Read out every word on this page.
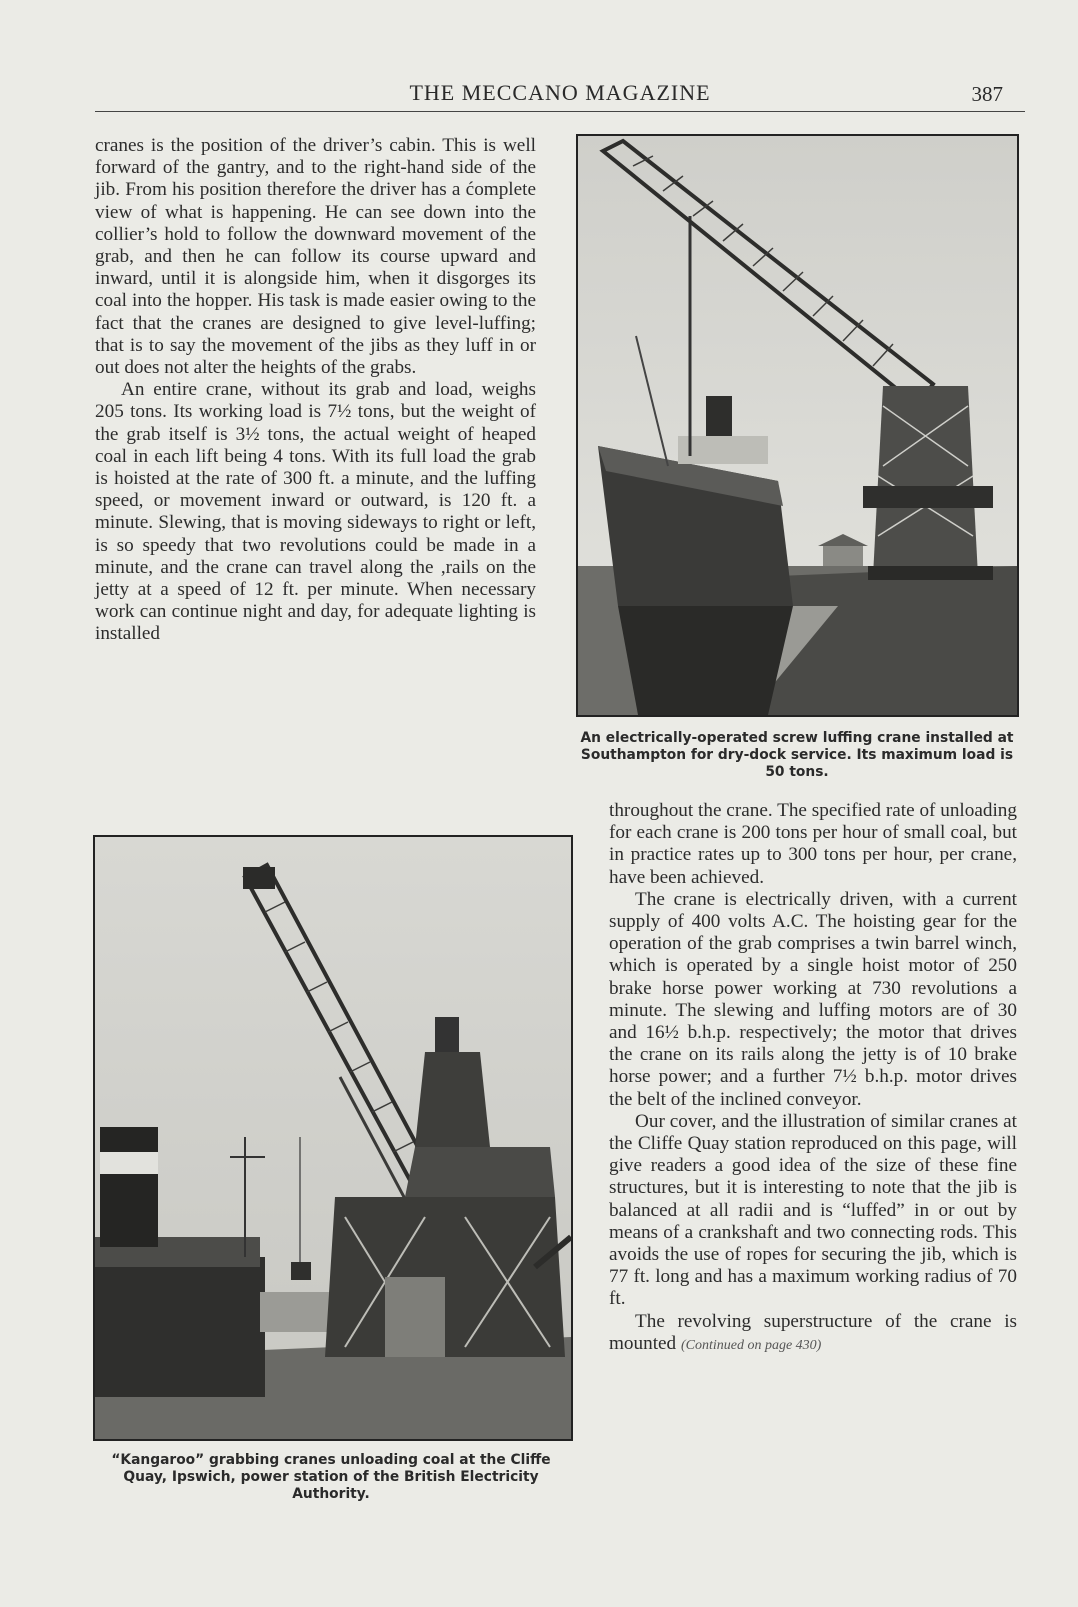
THE MECCANO MAGAZINE	387

cranes is the position of the driver’s cabin. This is well forward of the gantry, and to the right-hand side of the jib. From his position therefore the driver has a ćomplete view of what is happening. He can see down into the collier’s hold to follow the downward movement of the grab, and then he can follow its course upward and inward, until it is alongside him, when it disgorges its coal into the hopper. His task is made easier owing to the fact that the cranes are designed to give level-luffing; that is to say the movement of the jibs as they luff in or out does not alter the heights of the grabs.

An entire crane, without its grab and load, weighs 205 tons. Its working load is 7½ tons, but the weight of the grab itself is 3½ tons, the actual weight of heaped coal in each lift being 4 tons. With its full load the grab is hoisted at the rate of 300 ft. a minute, and the luffing speed, or movement inward or outward, is 120 ft. a minute. Slewing, that is moving sideways to right or left, is so speedy that two revolutions could be made in a minute, and the crane can travel along the ,rails on the jetty at a speed of 12 ft. per minute. When necessary work can continue night and day, for adequate lighting is installed

An electrically-operated screw luffing crane installed at Southampton for dry-dock service. Its maximum load is 50 tons.
“Kangaroo” grabbing cranes unloading coal at the Cliffe Quay, Ipswich, power station of the British Electricity Authority.

throughout the crane. The specified rate of unloading for each crane is 200 tons per hour of small coal, but in practice rates up to 300 tons per hour, per crane, have been achieved.

The crane is electrically driven, with a current supply of 400 volts A.C. The hoisting gear for the operation of the grab comprises a twin barrel winch, which is operated by a single hoist motor of 250 brake horse power working at 730 revolutions a minute. The slewing and luffing motors are of 30 and 16½ b.h.p. respectively; the motor that drives the crane on its rails along the jetty is of 10 brake horse power; and a further 7½ b.h.p. motor drives the belt of the inclined conveyor.

Our cover, and the illustration of similar cranes at the Cliffe Quay station reproduced on this page, will give readers a good idea of the size of these fine structures, but it is interesting to note that the jib is balanced at all radii and is “luffed” in or out by means of a crankshaft and two connecting rods. This avoids the use of ropes for securing the jib, which is 77 ft. long and has a maximum working radius of 70 ft.

The revolving superstructure of the crane is mounted (Continued on page 430)
